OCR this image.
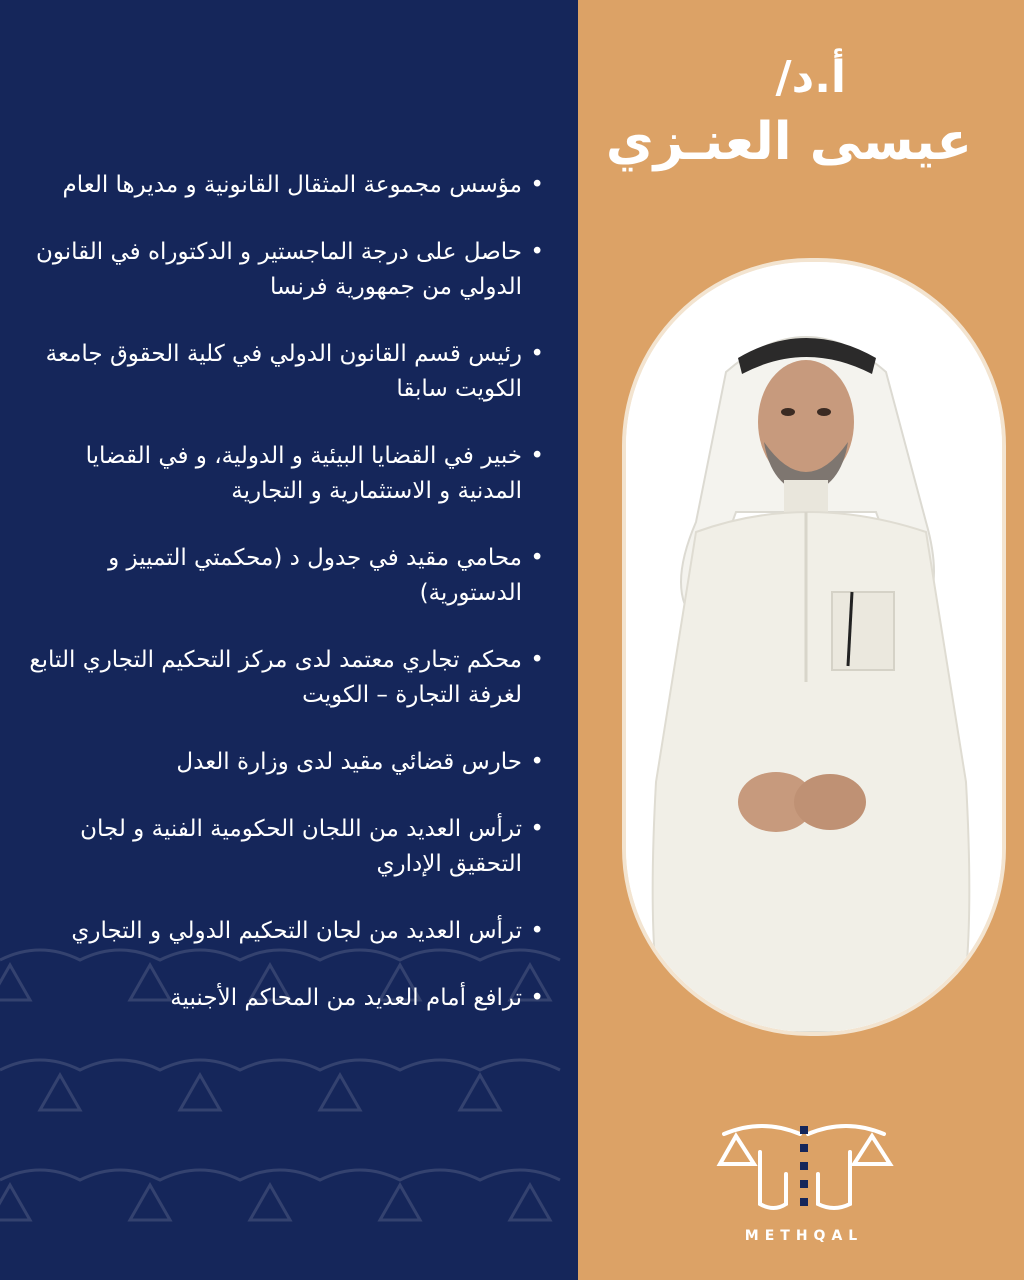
• مؤسس مجموعة المثقال القانونية و مديرها العام
• حاصل على درجة الماجستير و الدكتوراه في القانون الدولي من جمهورية فرنسا
• رئيس قسم القانون الدولي في كلية الحقوق جامعة الكويت سابقا
• خبير في القضايا البيئية و الدولية، و في القضايا المدنية و الاستثمارية و التجارية
• محامي مقيد في جدول د (محكمتي التمييز و الدستورية)
• محكم تجاري معتمد لدى مركز التحكيم التجاري التابع لغرفة التجارة – الكويت
• حارس قضائي مقيد لدى وزارة العدل
• ترأس العديد من اللجان الحكومية الفنية و لجان التحقيق الإداري
• ترأس العديد من لجان التحكيم الدولي و التجاري
• ترافع أمام العديد من المحاكم الأجنبية
أ.د/
عيسى العنـزي
METHQAL
